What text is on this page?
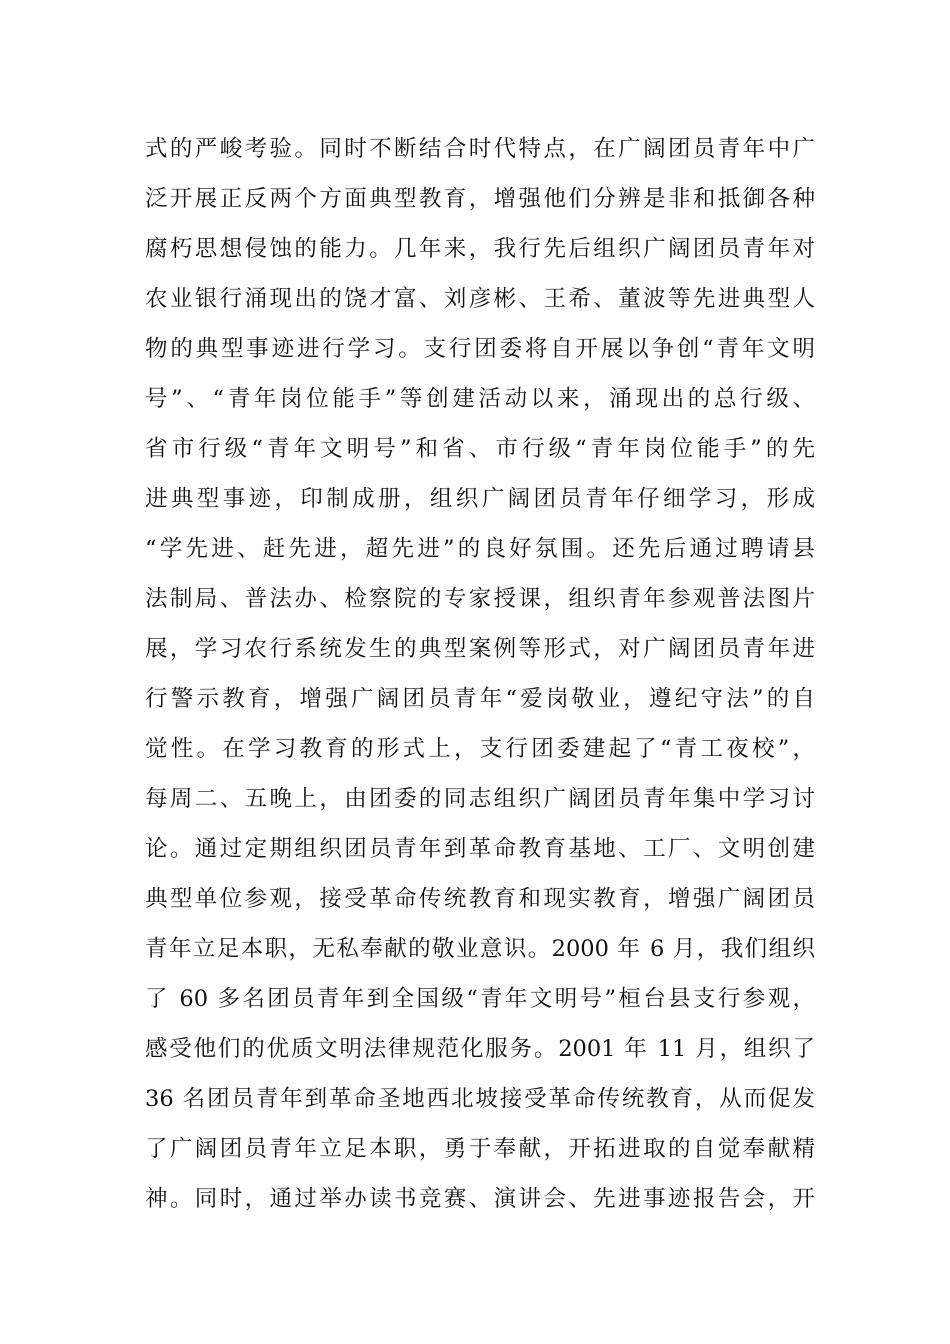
式的严峻考验。同时不断结合时代特点，在广阔团员青年中广
泛开展正反两个方面典型教育，增强他们分辨是非和抵御各种
腐朽思想侵蚀的能力。几年来，我行先后组织广阔团员青年对
农业银行涌现出的饶才富、刘彦彬、王希、董波等先进典型人
物的典型事迹进行学习。支行团委将自开展以争创“青年文明
号”、“青年岗位能手”等创建活动以来，涌现出的总行级、
省市行级“青年文明号”和省、市行级“青年岗位能手”的先
进典型事迹，印制成册，组织广阔团员青年仔细学习，形成
“学先进、赶先进，超先进”的良好氛围。还先后通过聘请县
法制局、普法办、检察院的专家授课，组织青年参观普法图片
展，学习农行系统发生的典型案例等形式，对广阔团员青年进
行警示教育，增强广阔团员青年“爱岗敬业，遵纪守法”的自
觉性。在学习教育的形式上，支行团委建起了“青工夜校”，
每周二、五晚上，由团委的同志组织广阔团员青年集中学习讨
论。通过定期组织团员青年到革命教育基地、工厂、文明创建
典型单位参观，接受革命传统教育和现实教育，增强广阔团员
青年立足本职，无私奉献的敬业意识。2000 年 6 月，我们组织
了 60 多名团员青年到全国级“青年文明号”桓台县支行参观，
感受他们的优质文明法律规范化服务。2001 年 11 月，组织了
36 名团员青年到革命圣地西北坡接受革命传统教育，从而促发
了广阔团员青年立足本职，勇于奉献，开拓进取的自觉奉献精
神。同时，通过举办读书竞赛、演讲会、先进事迹报告会，开
